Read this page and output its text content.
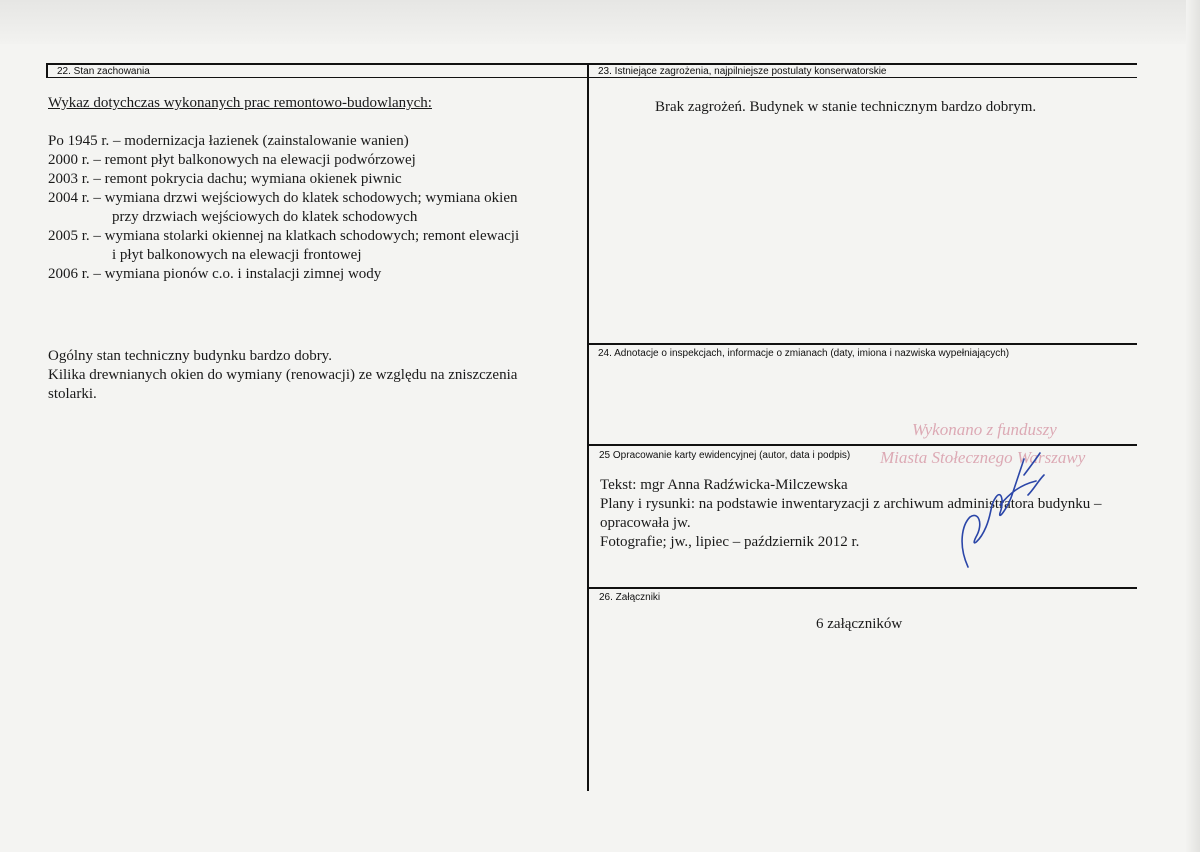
22. Stan zachowania
Wykaz dotychczas wykonanych prac remontowo-budowlanych:
Po 1945 r. – modernizacja łazienek (zainstalowanie wanien)
2000 r. – remont płyt balkonowych na elewacji podwórzowej
2003 r. – remont pokrycia dachu; wymiana okienek piwnic
2004 r. – wymiana drzwi wejściowych do klatek schodowych; wymiana okien
przy drzwiach wejściowych do klatek schodowych
2005 r. – wymiana stolarki okiennej na klatkach schodowych; remont elewacji
i płyt balkonowych na elewacji frontowej
2006 r. – wymiana pionów c.o. i instalacji zimnej wody
Ogólny stan techniczny budynku bardzo dobry.
Kilika drewnianych okien do wymiany (renowacji) ze względu na zniszczenia
stolarki.
23. Istniejące zagrożenia, najpilniejsze postulaty konserwatorskie
Brak zagrożeń. Budynek w stanie technicznym bardzo dobrym.
24. Adnotacje o inspekcjach, informacje o zmianach (daty, imiona i nazwiska wypełniających)
Wykonano z funduszy
Miasta Stołecznego Warszawy
25 Opracowanie karty ewidencyjnej (autor, data i podpis)
Tekst: mgr Anna Radźwicka-Milczewska
Plany i rysunki: na podstawie inwentaryzacji z archiwum administratora budynku –
opracowała jw.
Fotografie; jw., lipiec – październik 2012 r.
26. Załączniki
6 załączników
